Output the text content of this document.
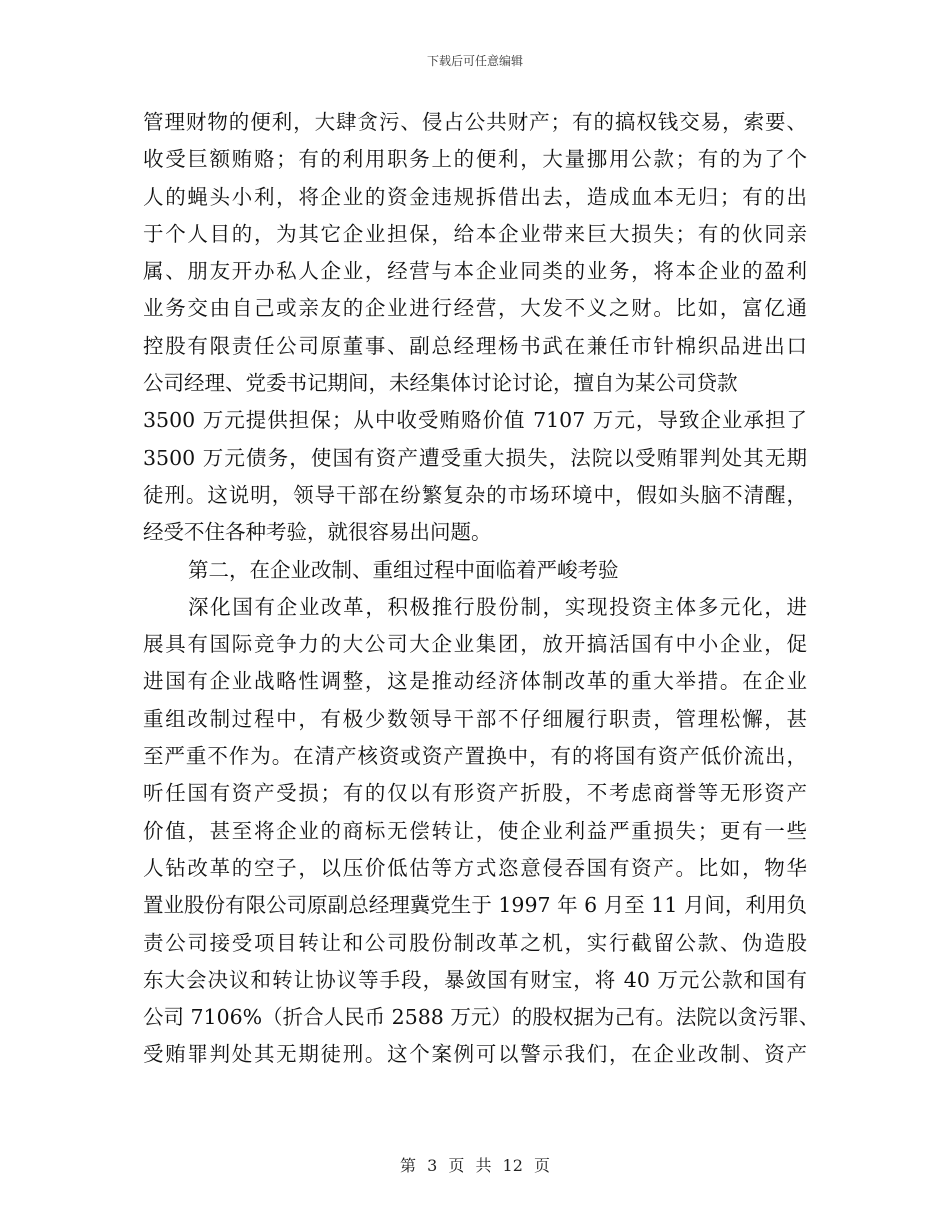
下载后可任意编辑
管理财物的便利，大肆贪污、侵占公共财产；有的搞权钱交易，索要、
收受巨额贿赂；有的利用职务上的便利，大量挪用公款；有的为了个
人的蝇头小利，将企业的资金违规拆借出去，造成血本无归；有的出
于个人目的，为其它企业担保，给本企业带来巨大损失；有的伙同亲
属、朋友开办私人企业，经营与本企业同类的业务，将本企业的盈利
业务交由自己或亲友的企业进行经营，大发不义之财。比如，富亿通
控股有限责任公司原董事、副总经理杨书武在兼任市针棉织品进出口
公司经理、党委书记期间，未经集体讨论讨论，擅自为某公司贷款
3500 万元提供担保；从中收受贿赂价值 7107 万元，导致企业承担了
3500 万元债务，使国有资产遭受重大损失，法院以受贿罪判处其无期
徒刑。这说明，领导干部在纷繁复杂的市场环境中，假如头脑不清醒，
经受不住各种考验，就很容易出问题。
第二，在企业改制、重组过程中面临着严峻考验
深化国有企业改革，积极推行股份制，实现投资主体多元化，进
展具有国际竞争力的大公司大企业集团，放开搞活国有中小企业，促
进国有企业战略性调整，这是推动经济体制改革的重大举措。在企业
重组改制过程中，有极少数领导干部不仔细履行职责，管理松懈，甚
至严重不作为。在清产核资或资产置换中，有的将国有资产低价流出，
听任国有资产受损；有的仅以有形资产折股，不考虑商誉等无形资产
价值，甚至将企业的商标无偿转让，使企业利益严重损失；更有一些
人钻改革的空子，以压价低估等方式恣意侵吞国有资产。比如，物华
置业股份有限公司原副总经理冀党生于 1997 年 6 月至 11 月间，利用负
责公司接受项目转让和公司股份制改革之机，实行截留公款、伪造股
东大会决议和转让协议等手段，暴敛国有财宝，将 40 万元公款和国有
公司 7106%（折合人民币 2588 万元）的股权据为己有。法院以贪污罪、
受贿罪判处其无期徒刑。这个案例可以警示我们，在企业改制、资产
第 3 页 共 12 页
